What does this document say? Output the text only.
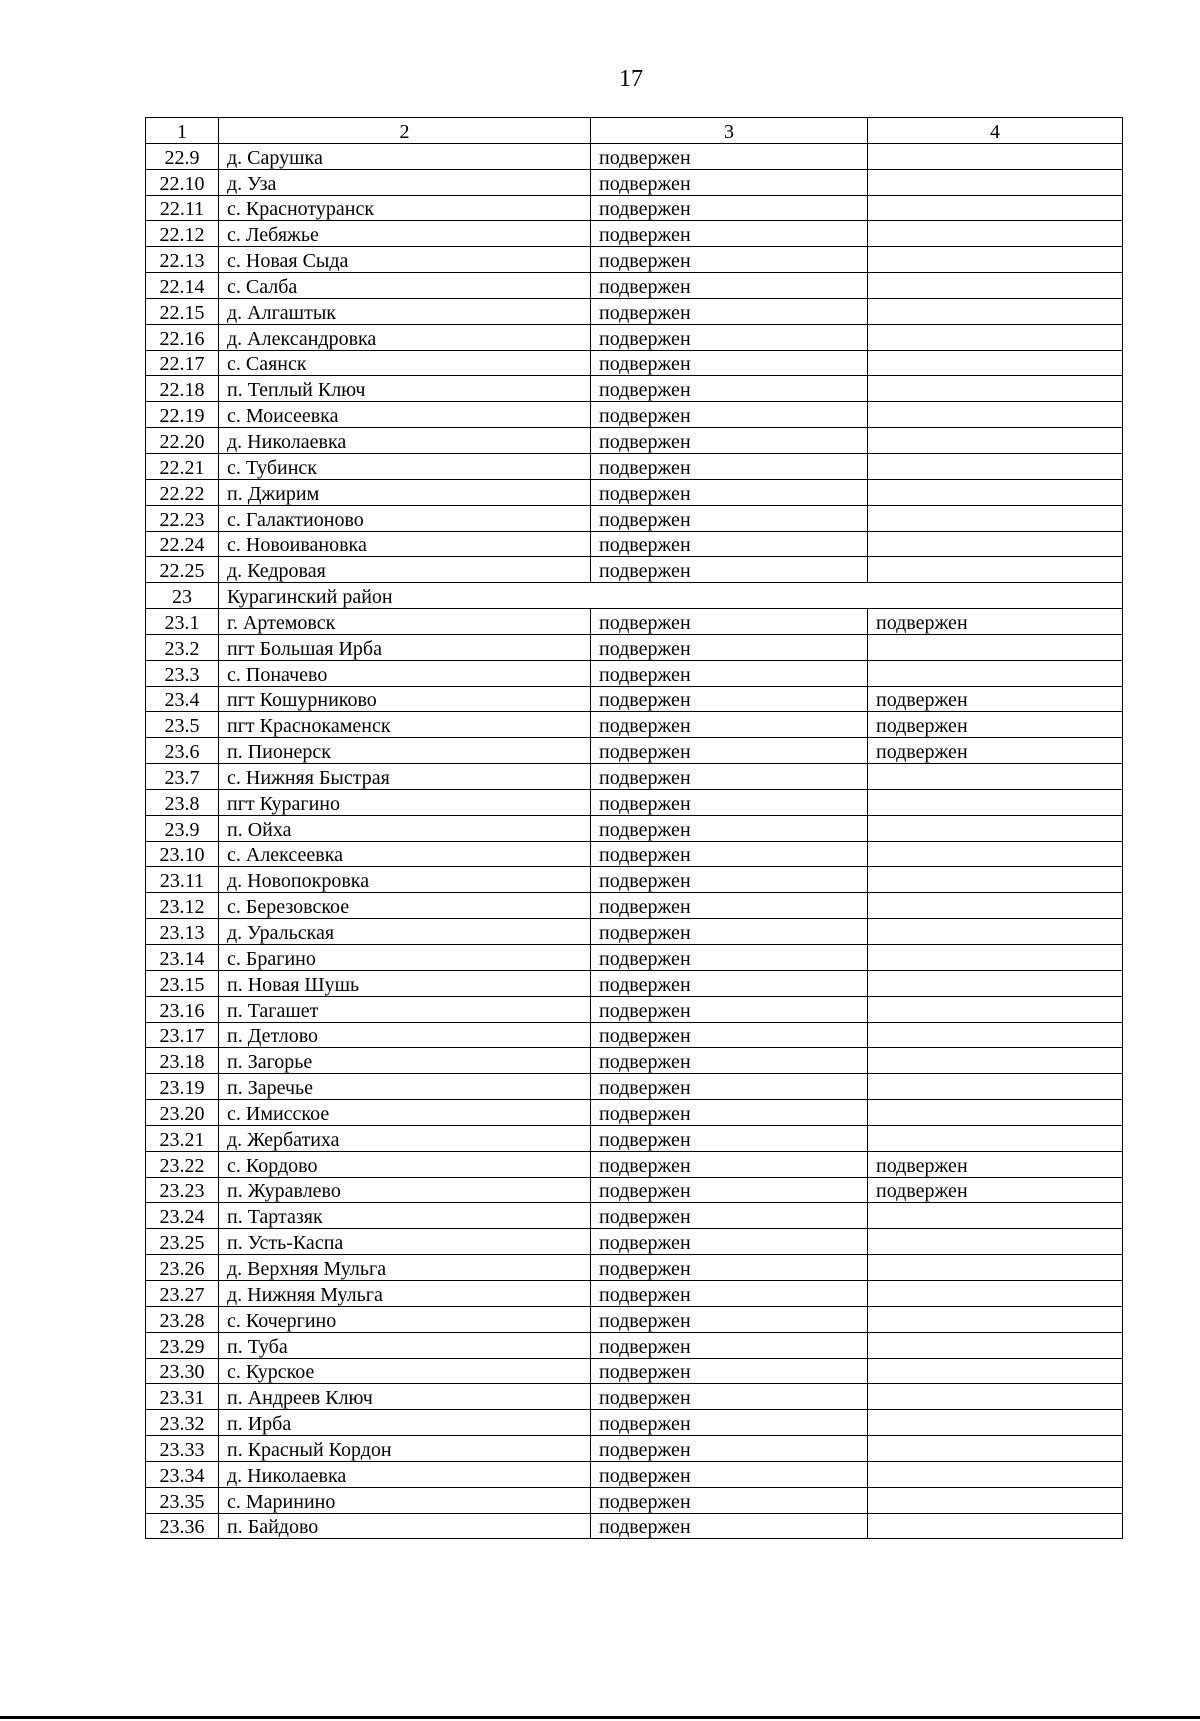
17
1	2	3	4
22.9	д. Сарушка	подвержен	
22.10	д. Уза	подвержен	
22.11	с. Краснотуранск	подвержен	
22.12	с. Лебяжье	подвержен	
22.13	с. Новая Сыда	подвержен	
22.14	с. Салба	подвержен	
22.15	д. Алгаштык	подвержен	
22.16	д. Александровка	подвержен	
22.17	с. Саянск	подвержен	
22.18	п. Теплый Ключ	подвержен	
22.19	с. Моисеевка	подвержен	
22.20	д. Николаевка	подвержен	
22.21	с. Тубинск	подвержен	
22.22	п. Джирим	подвержен	
22.23	с. Галактионово	подвержен	
22.24	с. Новоивановка	подвержен	
22.25	д. Кедровая	подвержен	
23	Курагинский район		
23.1	г. Артемовск	подвержен	подвержен
23.2	пгт Большая Ирба	подвержен	
23.3	с. Поначево	подвержен	
23.4	пгт Кошурниково	подвержен	подвержен
23.5	пгт Краснокаменск	подвержен	подвержен
23.6	п. Пионерск	подвержен	подвержен
23.7	с. Нижняя Быстрая	подвержен	
23.8	пгт Курагино	подвержен	
23.9	п. Ойха	подвержен	
23.10	с. Алексеевка	подвержен	
23.11	д. Новопокровка	подвержен	
23.12	с. Березовское	подвержен	
23.13	д. Уральская	подвержен	
23.14	с. Брагино	подвержен	
23.15	п. Новая Шушь	подвержен	
23.16	п. Тагашет	подвержен	
23.17	п. Детлово	подвержен	
23.18	п. Загорье	подвержен	
23.19	п. Заречье	подвержен	
23.20	с. Имисское	подвержен	
23.21	д. Жербатиха	подвержен	
23.22	с. Кордово	подвержен	подвержен
23.23	п. Журавлево	подвержен	подвержен
23.24	п. Тартазяк	подвержен	
23.25	п. Усть-Каспа	подвержен	
23.26	д. Верхняя Мульга	подвержен	
23.27	д. Нижняя Мульга	подвержен	
23.28	с. Кочергино	подвержен	
23.29	п. Туба	подвержен	
23.30	с. Курское	подвержен	
23.31	п. Андреев Ключ	подвержен	
23.32	п. Ирба	подвержен	
23.33	п. Красный Кордон	подвержен	
23.34	д. Николаевка	подвержен	
23.35	с. Маринино	подвержен	
23.36	п. Байдово	подвержен	
